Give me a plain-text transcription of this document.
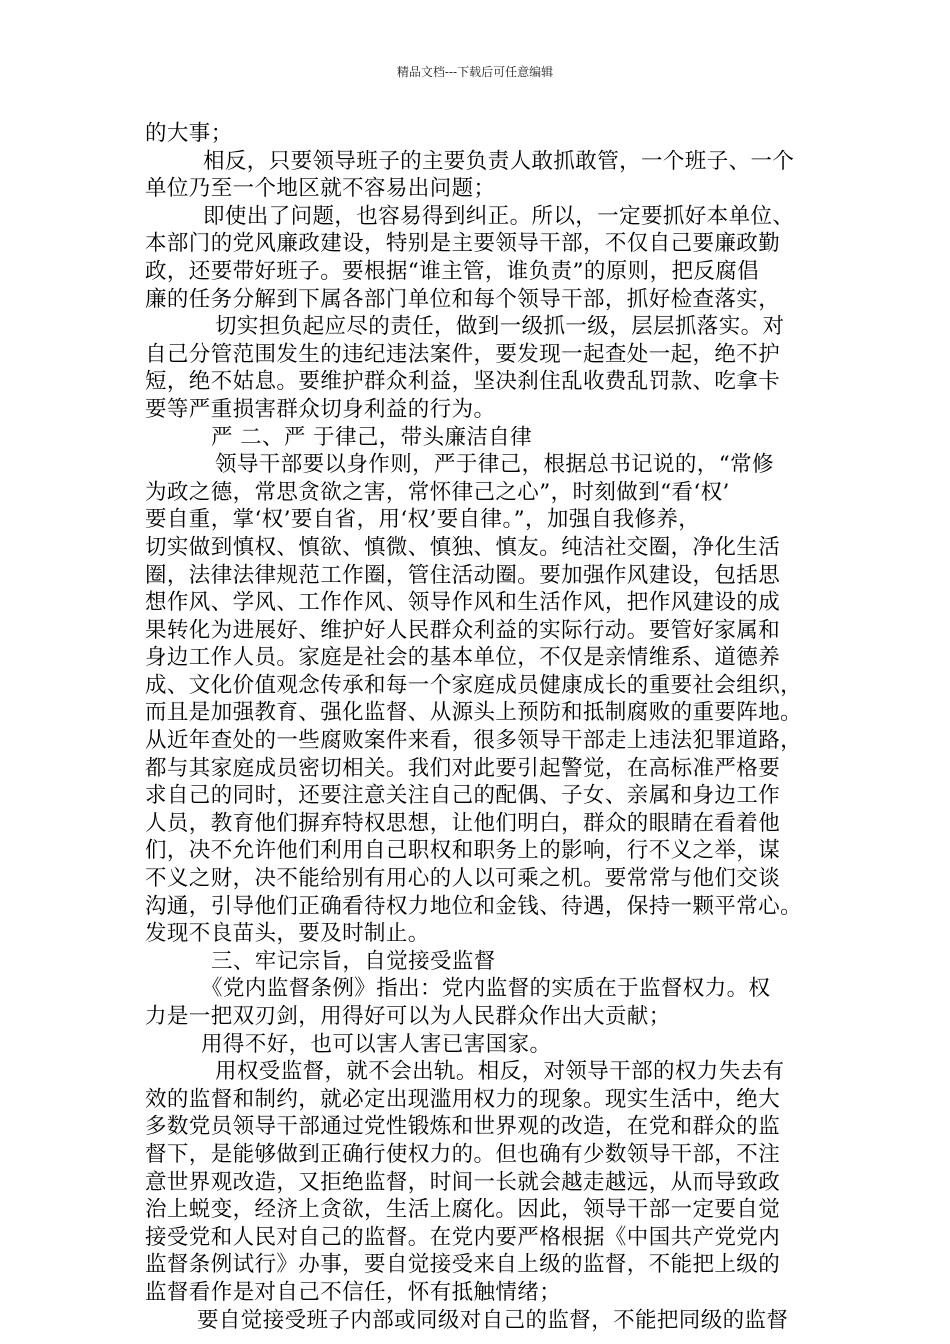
精品文档---下载后可任意编辑
的大事；
相反，只要领导班子的主要负责人敢抓敢管，一个班子、一个
单位乃至一个地区就不容易出问题；
即使出了问题，也容易得到纠正。所以，一定要抓好本单位、
本部门的党风廉政建设，特别是主要领导干部，不仅自己要廉政勤
政，还要带好班子。要根据“谁主管，谁负责”的原则，把反腐倡
廉的任务分解到下属各部门单位和每个领导干部，抓好检查落实，
切实担负起应尽的责任，做到一级抓一级，层层抓落实。对
自己分管范围发生的违纪违法案件，要发现一起查处一起，绝不护
短，绝不姑息。要维护群众利益，坚决刹住乱收费乱罚款、吃拿卡
要等严重损害群众切身利益的行为。
严 二、严 于律己，带头廉洁自律
领导干部要以身作则，严于律己，根据总书记说的，“常修
为政之德，常思贪欲之害，常怀律己之心”，时刻做到“看‘权’
要自重，掌‘权’要自省，用‘权’要自律。”，加强自我修养，
切实做到慎权、慎欲、慎微、慎独、慎友。纯洁社交圈，净化生活
圈，法律法律规范工作圈，管住活动圈。要加强作风建设，包括思
想作风、学风、工作作风、领导作风和生活作风，把作风建设的成
果转化为进展好、维护好人民群众利益的实际行动。要管好家属和
身边工作人员。家庭是社会的基本单位，不仅是亲情维系、道德养
成、文化价值观念传承和每一个家庭成员健康成长的重要社会组织，
而且是加强教育、强化监督、从源头上预防和抵制腐败的重要阵地。
从近年查处的一些腐败案件来看，很多领导干部走上违法犯罪道路，
都与其家庭成员密切相关。我们对此要引起警觉，在高标准严格要
求自己的同时，还要注意关注自己的配偶、子女、亲属和身边工作
人员，教育他们摒弃特权思想，让他们明白，群众的眼睛在看着他
们，决不允许他们利用自己职权和职务上的影响，行不义之举，谋
不义之财，决不能给别有用心的人以可乘之机。要常常与他们交谈
沟通，引导他们正确看待权力地位和金钱、待遇，保持一颗平常心。
发现不良苗头，要及时制止。
三、牢记宗旨，自觉接受监督
《党内监督条例》指出：党内监督的实质在于监督权力。权
力是一把双刃剑，用得好可以为人民群众作出大贡献；
用得不好，也可以害人害已害国家。
用权受监督，就不会出轨。相反，对领导干部的权力失去有
效的监督和制约，就必定出现滥用权力的现象。现实生活中，绝大
多数党员领导干部通过党性锻炼和世界观的改造，在党和群众的监
督下，是能够做到正确行使权力的。但也确有少数领导干部，不注
意世界观改造，又拒绝监督，时间一长就会越走越远，从而导致政
治上蜕变，经济上贪欲，生活上腐化。因此，领导干部一定要自觉
接受党和人民对自己的监督。在党内要严格根据《中国共产党党内
监督条例试行》办事，要自觉接受来自上级的监督，不能把上级的
监督看作是对自己不信任，怀有抵触情绪；
要自觉接受班子内部或同级对自己的监督，不能把同级的监督
